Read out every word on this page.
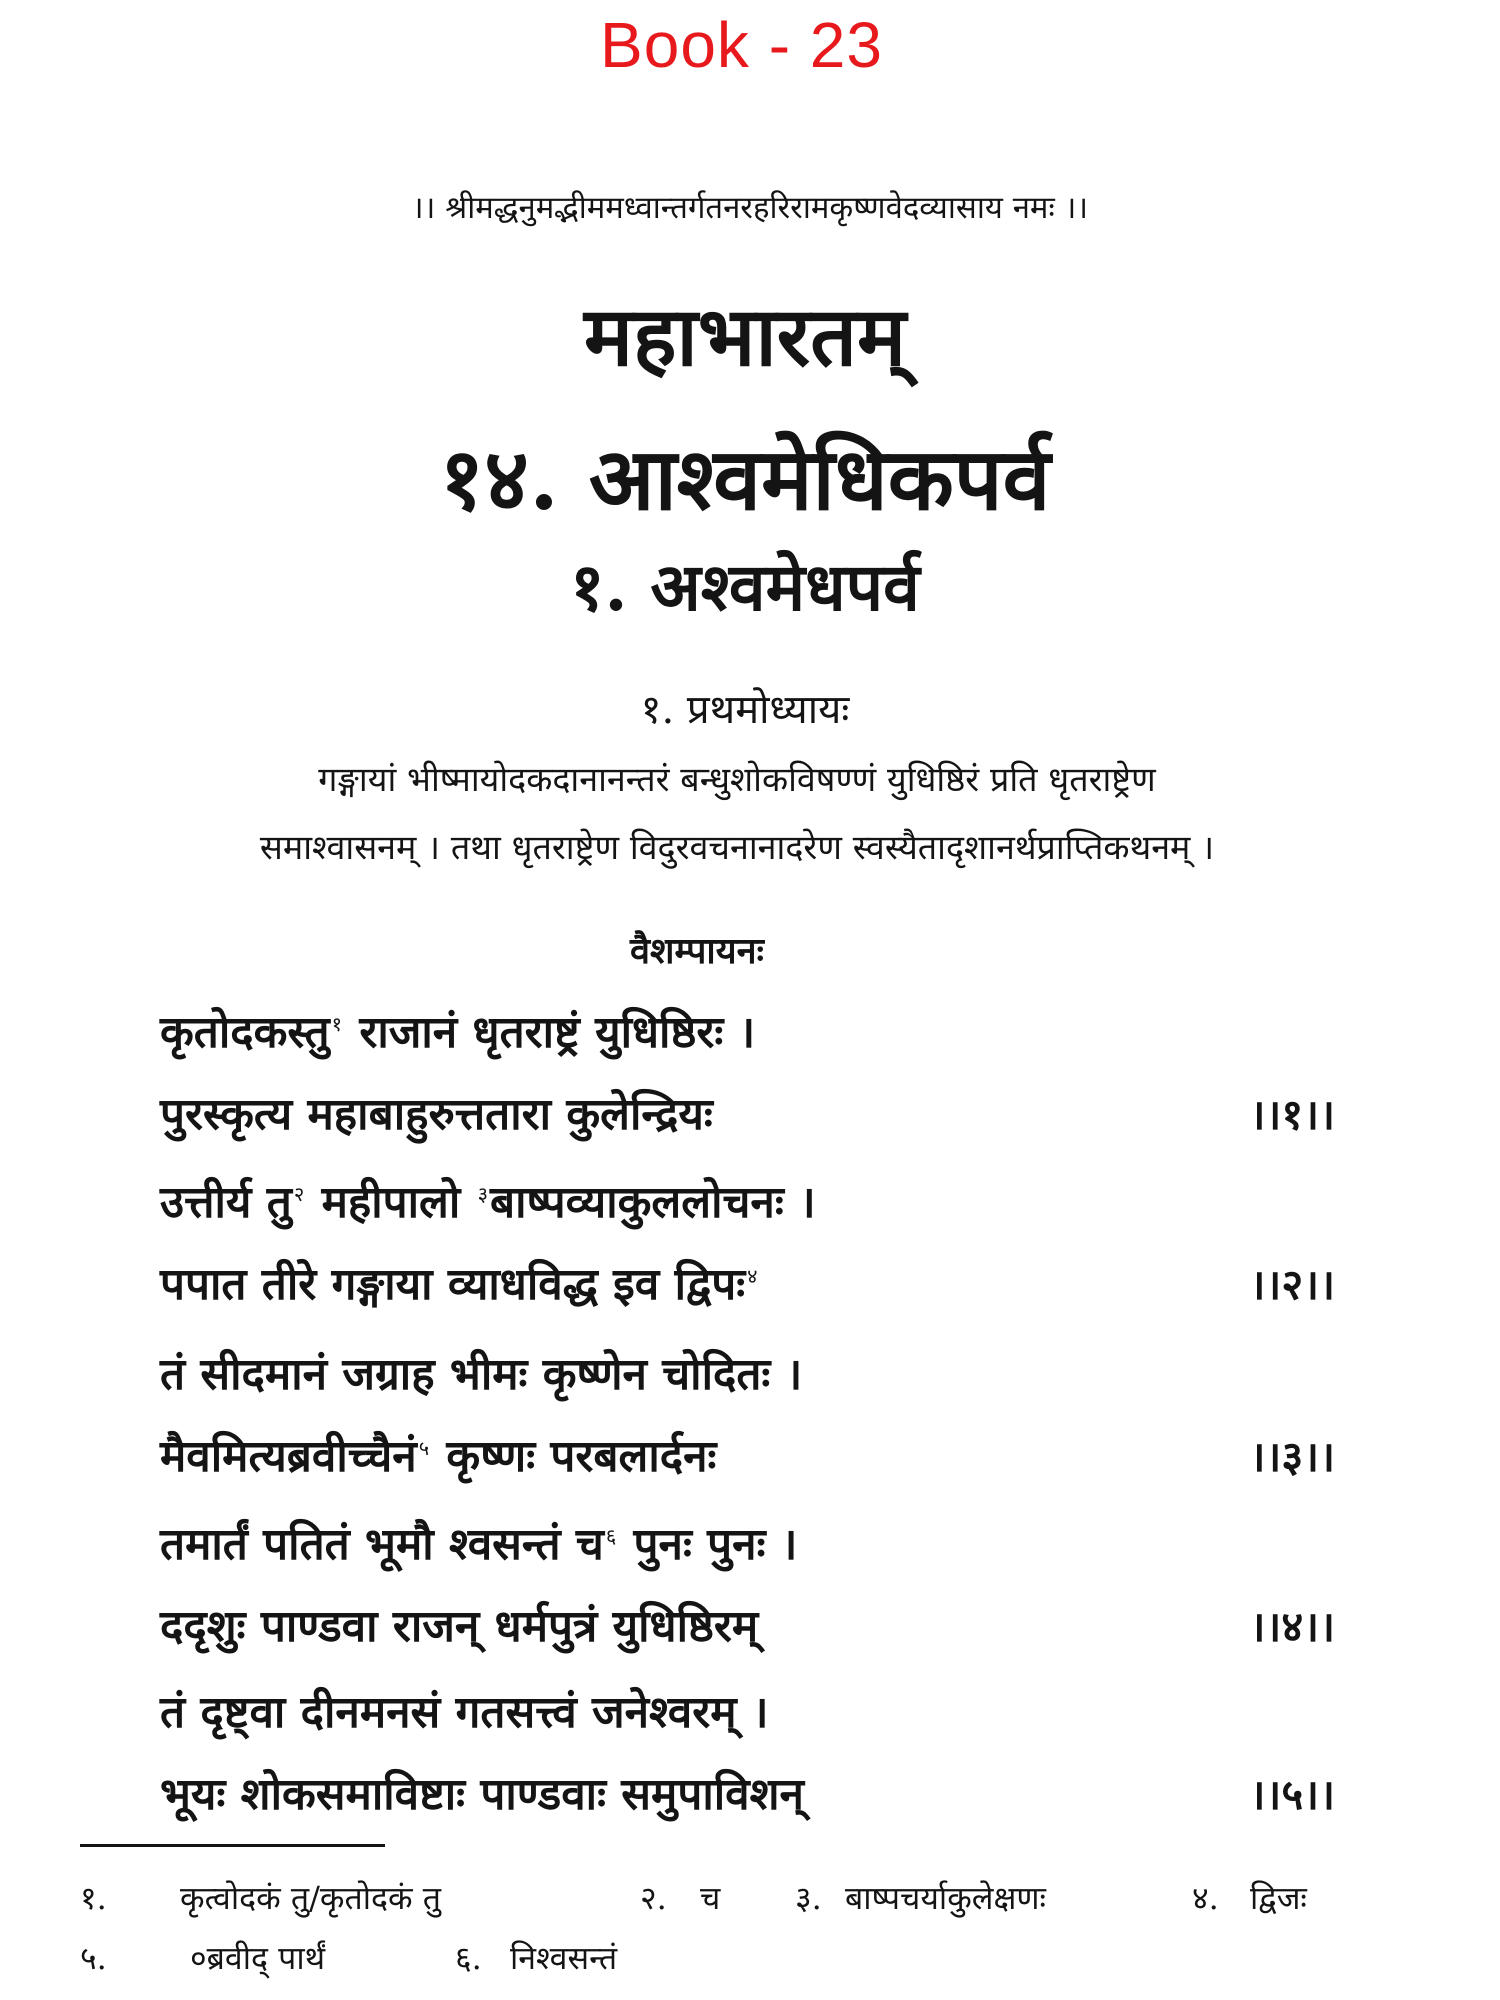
Book - 23
।। श्रीमद्धनुमद्भीममध्वान्तर्गतनरहरिरामकृष्णवेदव्यासाय नमः ।।
महाभारतम्
१४. आश्वमेधिकपर्व
१. अश्वमेधपर्व
१. प्रथमोध्यायः
गङ्गायां भीष्मायोदकदानानन्तरं बन्धुशोकविषण्णं युधिष्ठिरं प्रति धृतराष्ट्रेण
समाश्वासनम् । तथा धृतराष्ट्रेण विदुरवचनानादरेण स्वस्यैतादृशानर्थप्राप्तिकथनम् ।
वैशम्पायनः
कृतोदकस्तु $^१$ राजानं धृतराष्ट्रं युधिष्ठिरः ।
पुरस्कृत्य महाबाहुरुत्ततारा कुलेन्द्रियः	।।१।।
उत्तीर्य तु $^२$ महीपालो $^३$बाष्पव्याकुललोचनः ।
पपात तीरे गङ्गाया व्याधविद्ध इव द्विपः $^४$	।।२।।
तं सीदमानं जग्राह भीमः कृष्णेन चोदितः ।
मैवमित्यब्रवीच्चैनं $^५$ कृष्णः परबलार्दनः	।।३।।
तमार्तं पतितं भूमौ श्वसन्तं च $^६$ पुनः पुनः ।
ददृशुः पाण्डवा राजन् धर्मपुत्रं युधिष्ठिरम्	।।४।।
तं दृष्ट्वा दीनमनसं गतसत्त्वं जनेश्वरम् ।
भूयः शोकसमाविष्टाः पाण्डवाः समुपाविशन्	।।५।।
१. कृत्वोदकं तु/कृतोदकं तु	२. च ३. बाष्पचर्याकुलेक्षणः	४. द्विजः
५.	०ब्रवीद् पार्थं	६. निश्वसन्तं
